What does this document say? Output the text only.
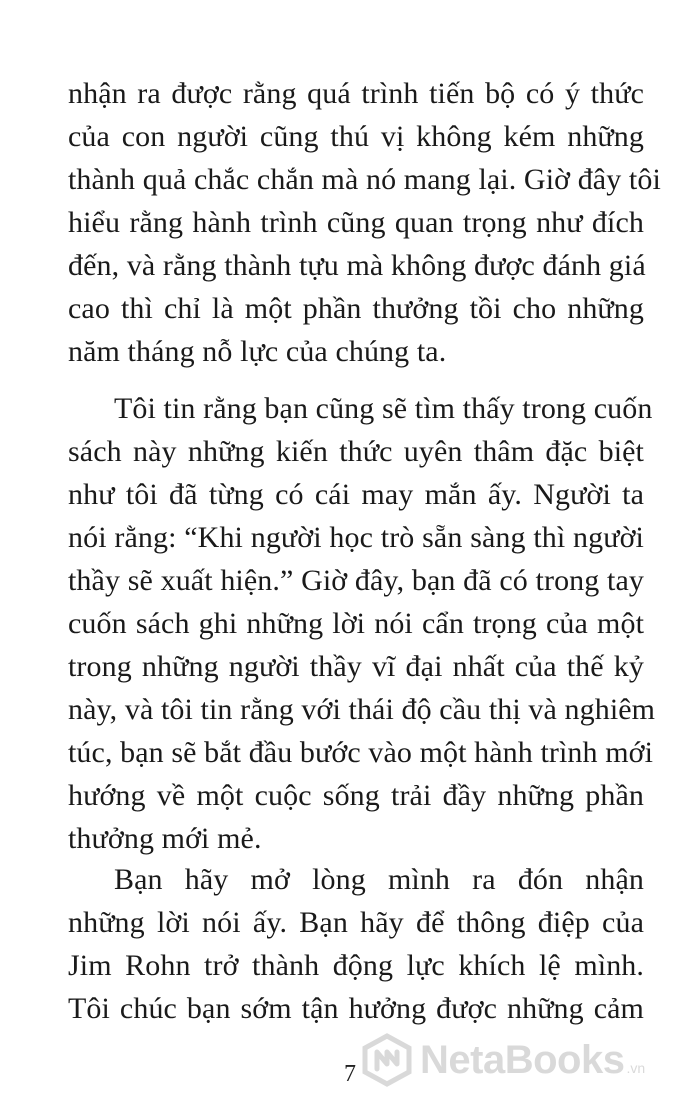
nhận ra được rằng quá trình tiến bộ có ý thức
của con người cũng thú vị không kém những
thành quả chắc chắn mà nó mang lại. Giờ đây tôi
hiểu rằng hành trình cũng quan trọng như đích
đến, và rằng thành tựu mà không được đánh giá
cao thì chỉ là một phần thưởng tồi cho những
năm tháng nỗ lực của chúng ta.
Tôi tin rằng bạn cũng sẽ tìm thấy trong cuốn
sách này những kiến thức uyên thâm đặc biệt
như tôi đã từng có cái may mắn ấy. Người ta
nói rằng: “Khi người học trò sẵn sàng thì người
thầy sẽ xuất hiện.” Giờ đây, bạn đã có trong tay
cuốn sách ghi những lời nói cẩn trọng của một
trong những người thầy vĩ đại nhất của thế kỷ
này, và tôi tin rằng với thái độ cầu thị và nghiêm
túc, bạn sẽ bắt đầu bước vào một hành trình mới
hướng về một cuộc sống trải đầy những phần
thưởng mới mẻ.
Bạn hãy mở lòng mình ra đón nhận
những lời nói ấy. Bạn hãy để thông điệp của
Jim Rohn trở thành động lực khích lệ mình.
Tôi chúc bạn sớm tận hưởng được những cảm
NetaBooks .vn
7
